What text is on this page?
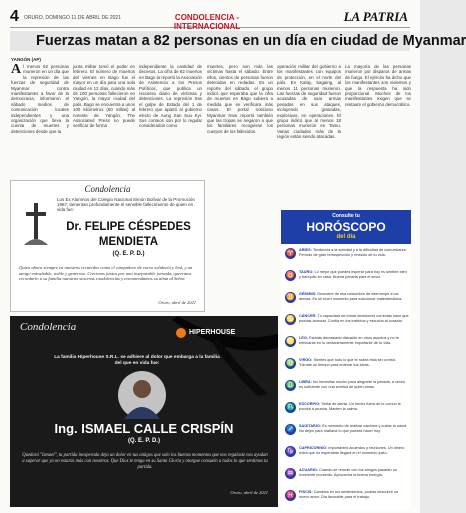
4 ORURO, DOMINGO 11 DE ABRIL DE 2021	CONDOLENCIA - INTERNACIONAL
LA PATRIA
Fuerzas matan a 82 personas en un día en ciudad de Myanmar
YANGÓN (AP)
Al menos 82 personas murieron en un día que la represión de las fuerzas de seguridad de Myanmar contra manifestantes a favor de la democracia, informaron el sábado medios de comunicación locales independientes y una organización que lleva la cuenta de muertes y detenciones desde que la
junta militar tomó el poder en febrero. El número de muertos del viernes en Bago fue el mayor en un día para una sola ciudad en 12 días, cuando más de 100 personas fallecieron en Yangón, la mayor ciudad del país. Bago se encuentra a unos 100 kilómetros (60 millas) al noreste de Yangón. The Associated Press no puede verificar de forma
independiente la cantidad de decesos. La cifra de 82 muertos en Bago la reportó la Asociación de Asistencia a los Presos Políticos, que publica un recuento diario de víctimas y detenciones. La represión tras el golpe de Estado del 1 de febrero que apartó al gobierno electo de Aung San Suu Kyi. Sus conteos son por lo regular considerados como
muertes, pero son más las víctimas hasta el sábado. Entre ellos, cientos de personas fueron detenidas en redadas. Es un reporte del sábado, el grupo indicó que esperaba que la cifra de muertos en Bago subiera a medida que se verificara más casos. El portal noticioso Myanmar Now reportó también que las tropas se negaron a que los familiares recogieran los cuerpos de los fallecidos.
operación militar del gobierno a los manifestantes con equipos de protección, en el norte del país. En Kalay, Sagaing, al menos 11 personas murieron. Las fuerzas de seguridad fueron acusadas de usar armas pesadas en sus ataques, incluyendo granadas, explosivos, en operaciones. El grupo indicó que al menos 18 personas murieron en Tamu. Varias ciudades más de la región están siendo atacadas.
La mayoría de las personas murieron por disparos de armas de fuego. El ejército ha dicho que los manifestantes son violentos y que la respuesta ha sido proporcional. Muchos de los manifestantes exigen que se restaure el gobierno democrático.
Condolencia
Los Ex Alumnos del Colegio Nacional Simón Bolívar de la Promoción 1967, lamentan profundamente el sensible fallecimiento de quien en vida fue:
Dr. FELIPE CÉSPEDES
MENDIETA
(Q. E. P. D.)
Quien ahora siempre en nuestros recuerdos como el compañero de curso solidario y leal, y un amigo entrañable, noble y generoso. Crecimos juntos por una inseparable jornada, queremos recordarlo a su familia nuestras sinceras condolencias y encomendamos su alma al Señor.
Oruro, abril de 2021
Condolencia	HIPERHOUSE
La familia Hiperhouse S.R.L. se adhiere al dolor que embarga a la familia del que en vida fue:
Ing. ISMAEL CALLE CRISPÍN
(Q. E. P. D.)
Quedará "Ismael", tu partida inesperada deja un dolor en tus amigos que solo los buenos momentos que nos regalaste nos ayudan a superar que ya no estarás más con nosotros. Que Dios te tenga en su Santa Gloria y otorgue consuelo a todos lo que sentimos tu partida.
Oruro, abril de 2021
Consulte tu
HORÓSCOPO
del día
♈	ARIES: Tendencia a la soledad y a la dificultad de comunicarse. Período de gran retrospección y revisión de tu vida.
♉	TAURO: Lo mejor que puedes esperar para hoy es sentirte bien y tranquilo en casa. Buena jornada para el amor.
♊	GÉMINIS: Descubre de esa costumbre de interrumpir a los demás. Es un buen momento para solucionar malentendidos.
♋	CÁNCER: Tu capacidad de tomar decisiones correctas hace que puedas avanzar. Confía en tus instintos y escucha al corazón.
♌	LEO: Estarás demasiado distraído en otros asuntos y no te enfocarás en lo verdaderamente importante de tu vida.
♍	VIRGO: Sientes que todo lo que te rodea está sin control. Tómate un tiempo para ordenar tus ideas.
♎	LIBRA: No necesitas mucho para alegrarte la jornada, a veces es suficiente con una sonrisa de quien amas.
♏	ESCORPIO: Señal de alerta. Un hecho fuera de lo común te pondrá a prueba. Mantén la calma.
♐	SAGITARIO: Es momento de realizar cambios y cuidar tu salud. No dejes para mañana lo que puedes hacer hoy.
♑	CAPRICORNIO: Importantes acuerdos y reuniones. Un dinero extra que no esperabas llegará en el momento justo.
♒	ACUARIO: Cuando se reúnan con tus amigos pasarán un excelente momento. Aprovecha la buena energía.
♓	PISCIS: Cambios en tus sentimientos, podrás descubrir un nuevo amor. Día favorable para el trabajo.
